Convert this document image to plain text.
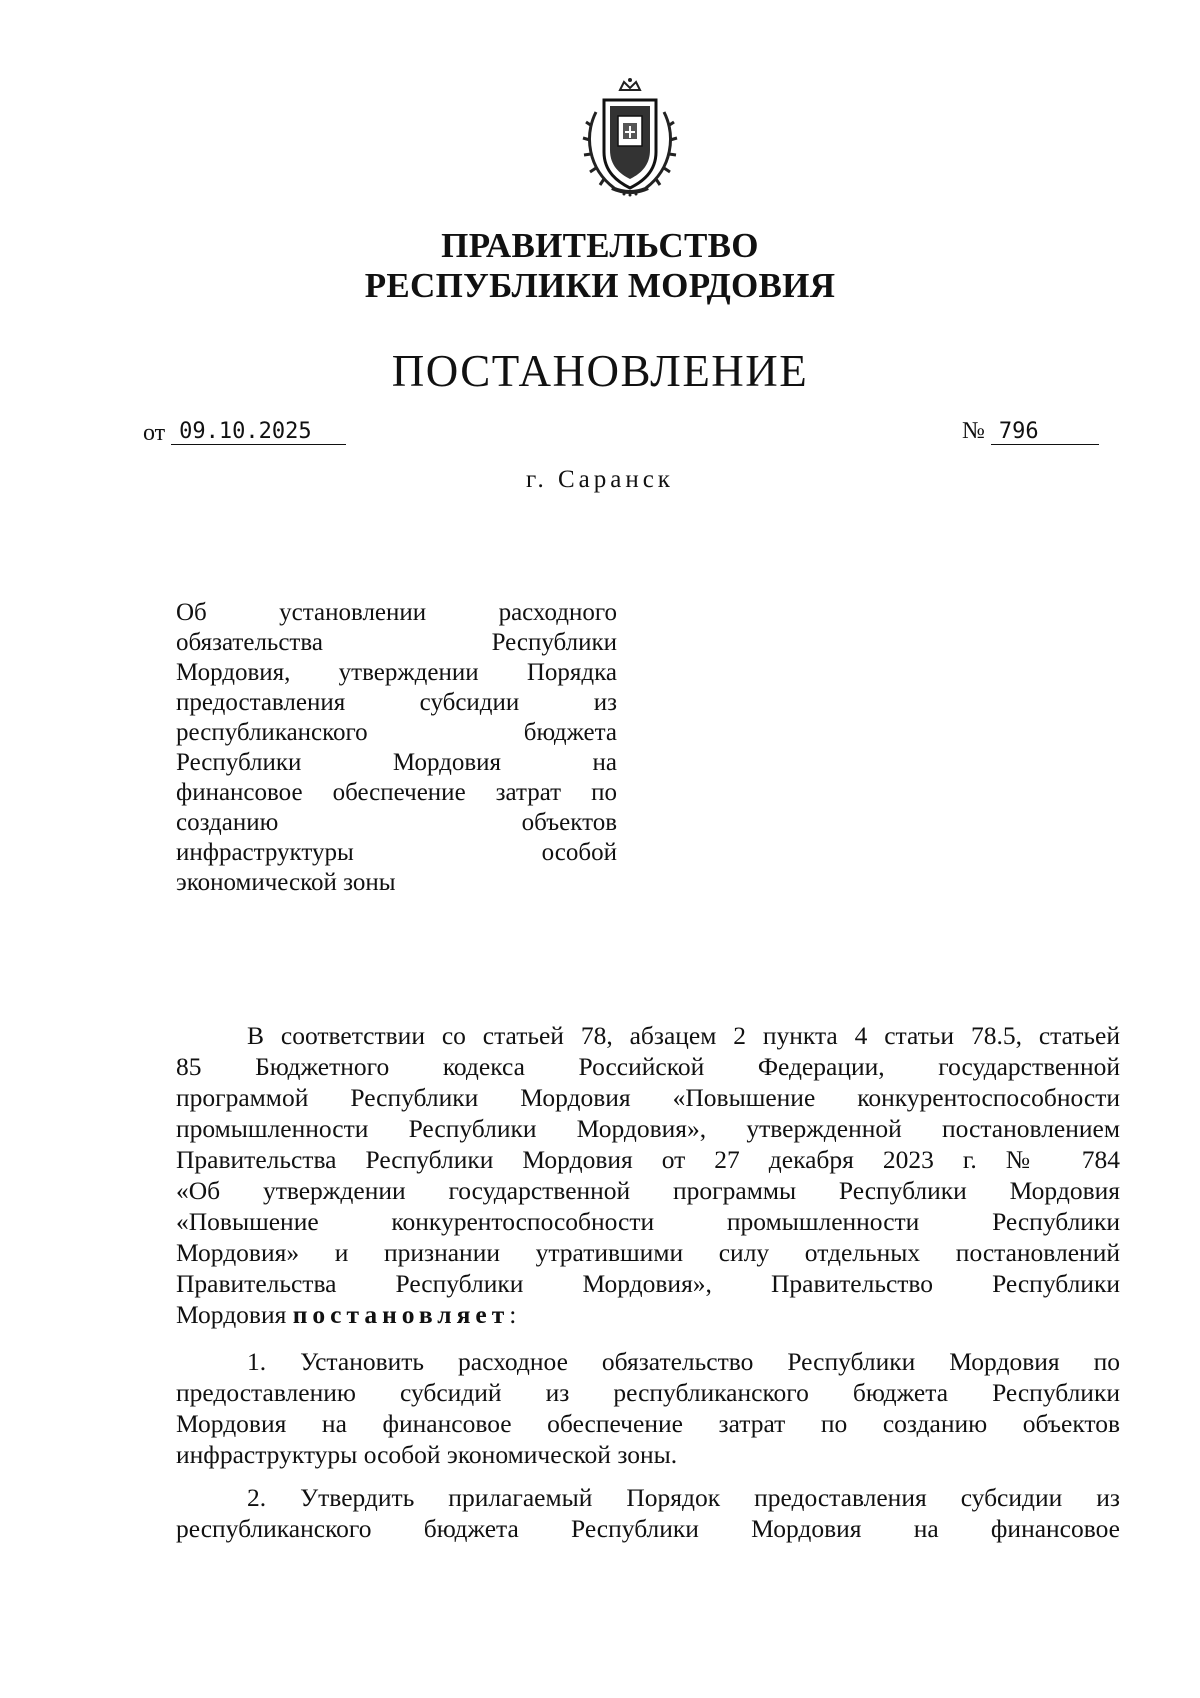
ПРАВИТЕЛЬСТВО
РЕСПУБЛИКИ МОРДОВИЯ
ПОСТАНОВЛЕНИЕ
от 09.10.2025	№ 796
г. Саранск
Об установлении расходного
обязательства Республики
Мордовия, утверждении Порядка
предоставления субсидии из
республиканского бюджета
Республики Мордовия на
финансовое обеспечение затрат по
созданию объектов
инфраструктуры особой
экономической зоны
В соответствии со статьей 78, абзацем 2 пункта 4 статьи 78.5, статьей
85 Бюджетного кодекса Российской Федерации, государственной
программой Республики Мордовия «Повышение конкурентоспособности
промышленности Республики Мордовия», утвержденной постановлением
Правительства Республики Мордовия от 27 декабря 2023 г. № 784
«Об утверждении государственной программы Республики Мордовия
«Повышение конкурентоспособности промышленности Республики
Мордовия» и признании утратившими силу отдельных постановлений
Правительства Республики Мордовия», Правительство Республики
Мордовия постановляет:
1. Установить расходное обязательство Республики Мордовия по
предоставлению субсидий из республиканского бюджета Республики
Мордовия на финансовое обеспечение затрат по созданию объектов
инфраструктуры особой экономической зоны.
2. Утвердить прилагаемый Порядок предоставления субсидии из
республиканского бюджета Республики Мордовия на финансовое
